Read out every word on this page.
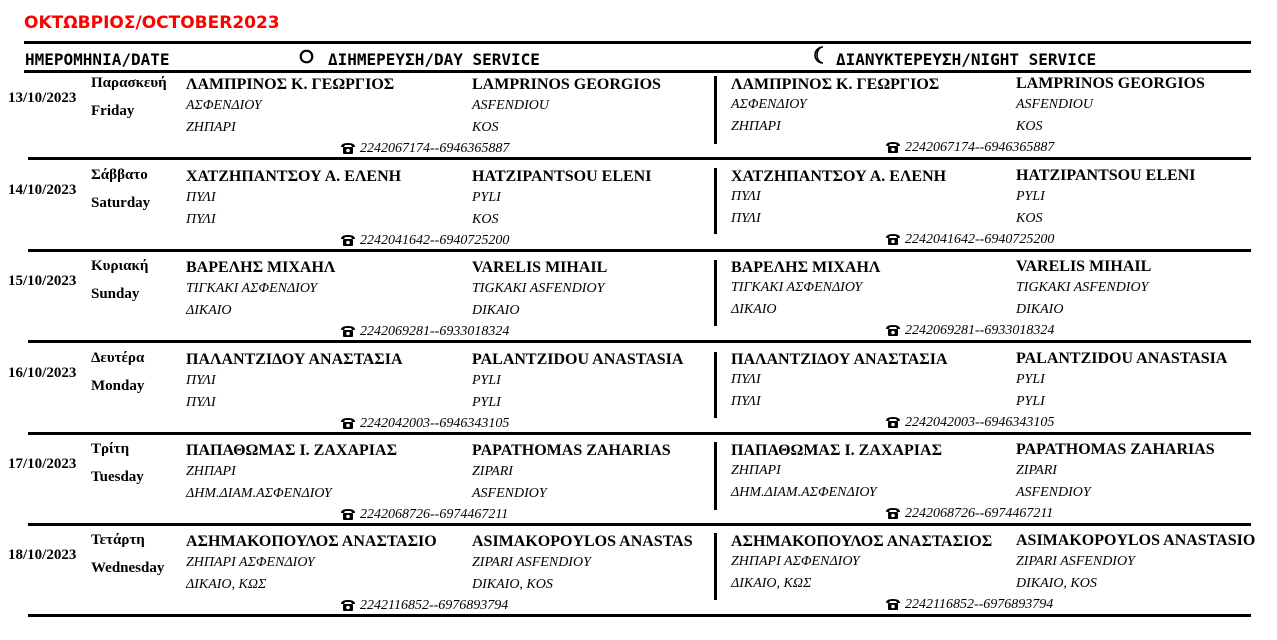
ΟΚΤΩΒΡΙΟΣ/OCTOBER2023
ΗΜΕΡΟΜΗΝΙΑ/DATE	ΔΙΗΜΕΡΕΥΣΗ/DAY SERVICE	ΔΙΑΝΥΚΤΕΡΕΥΣΗ/NIGHT SERVICE
13/10/2023
Παρασκευή
Friday
ΛΑΜΠΡΙΝΟΣ Κ. ΓΕΩΡΓΙΟΣ	LAMPRINOS GEORGIOS
ΑΣΦΕΝΔΙΟΥ	ASFENDIOU
ΖΗΠΑΡΙ	KOS
2242067174--6946365887
ΛΑΜΠΡΙΝΟΣ Κ. ΓΕΩΡΓΙΟΣ	LAMPRINOS GEORGIOS
ΑΣΦΕΝΔΙΟΥ	ASFENDIOU
ΖΗΠΑΡΙ	KOS
2242067174--6946365887
14/10/2023
Σάββατο
Saturday
ΧΑΤΖΗΠΑΝΤΣΟΥ Α. ΕΛΕΝΗ	HATZIPANTSOU ELENI
ΠΥΛΙ	PYLI
ΠΥΛΙ	KOS
2242041642--6940725200
ΧΑΤΖΗΠΑΝΤΣΟΥ Α. ΕΛΕΝΗ	HATZIPANTSOU ELENI
ΠΥΛΙ	PYLI
ΠΥΛΙ	KOS
2242041642--6940725200
15/10/2023
Κυριακή
Sunday
ΒΑΡΕΛΗΣ ΜΙΧΑΗΛ	VARELIS MIHAIL
ΤΙΓΚΑΚΙ ΑΣΦΕΝΔΙΟΥ	TIGKAKI ASFENDIOY
ΔΙΚΑΙΟ	DIKAIO
2242069281--6933018324
ΒΑΡΕΛΗΣ ΜΙΧΑΗΛ	VARELIS MIHAIL
ΤΙΓΚΑΚΙ ΑΣΦΕΝΔΙΟΥ	TIGKAKI ASFENDIOY
ΔΙΚΑΙΟ	DIKAIO
2242069281--6933018324
16/10/2023
Δευτέρα
Monday
ΠΑΛΑΝΤΖΙΔΟΥ ΑΝΑΣΤΑΣΙΑ	PALANTZIDOU ANASTASIA
ΠΥΛΙ	PYLI
ΠΥΛΙ	PYLI
2242042003--6946343105
ΠΑΛΑΝΤΖΙΔΟΥ ΑΝΑΣΤΑΣΙΑ	PALANTZIDOU ANASTASIA
ΠΥΛΙ	PYLI
ΠΥΛΙ	PYLI
2242042003--6946343105
17/10/2023
Τρίτη
Tuesday
ΠΑΠΑΘΩΜΑΣ Ι. ΖΑΧΑΡΙΑΣ	PAPATHOMAS ZAHARIAS
ΖΗΠΑΡΙ	ZIPARI
ΔΗΜ.ΔΙΑΜ.ΑΣΦΕΝΔΙΟΥ	ASFENDIOY
2242068726--6974467211
ΠΑΠΑΘΩΜΑΣ Ι. ΖΑΧΑΡΙΑΣ	PAPATHOMAS ZAHARIAS
ΖΗΠΑΡΙ	ZIPARI
ΔΗΜ.ΔΙΑΜ.ΑΣΦΕΝΔΙΟΥ	ASFENDIOY
2242068726--6974467211
18/10/2023
Τετάρτη
Wednesday
ΑΣΗΜΑΚΟΠΟΥΛΟΣ ΑΝΑΣΤΑΣΙΟ ASIMAKOPOYLOS ANASTAS
ΖΗΠΑΡΙ ΑΣΦΕΝΔΙΟΥ	ZIPARI ASFENDIOY
ΔΙΚΑΙΟ, ΚΩΣ	DIKAIO, KOS
2242116852--6976893794
ΑΣΗΜΑΚΟΠΟΥΛΟΣ ΑΝΑΣΤΑΣΙΟΣ ASIMAKOPOYLOS ANASTASIO
ΖΗΠΑΡΙ ΑΣΦΕΝΔΙΟΥ	ZIPARI ASFENDIOY
ΔΙΚΑΙΟ, ΚΩΣ	DIKAIO, KOS
2242116852--6976893794
